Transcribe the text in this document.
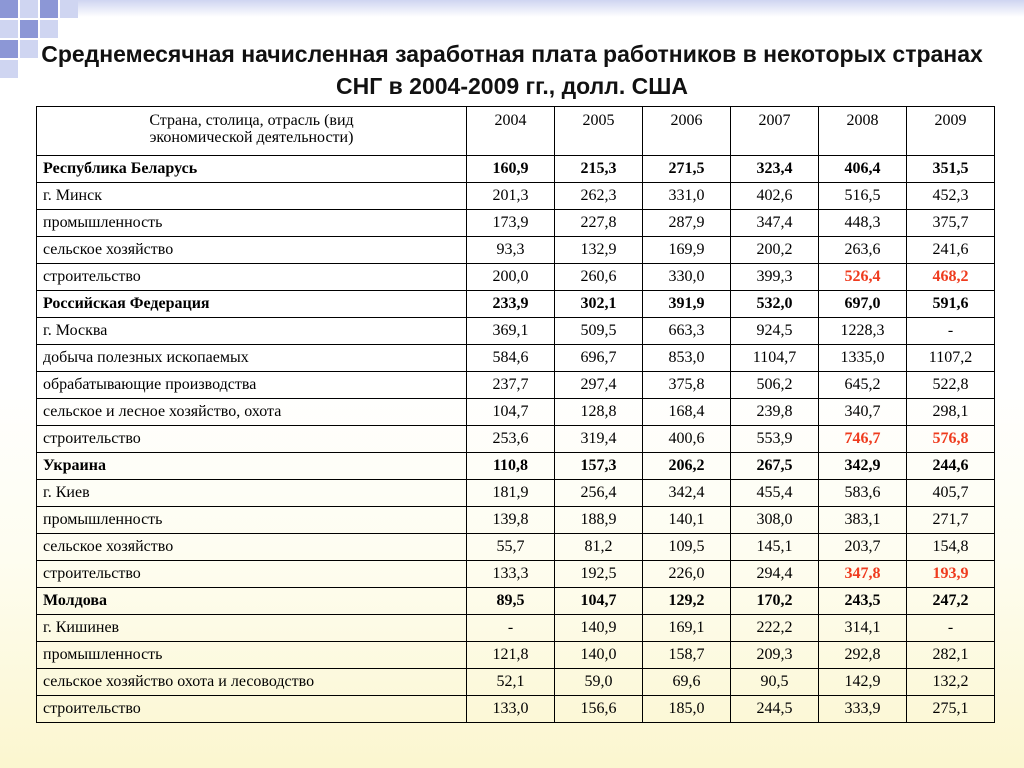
Среднемесячная начисленная заработная плата работников в некоторых странах СНГ в 2004-2009 гг., долл. США
Страна, столица, отрасль (вид экономической деятельности)	2004	2005	2006	2007	2008	2009
Республика Беларусь	160,9	215,3	271,5	323,4	406,4	351,5
г. Минск	201,3	262,3	331,0	402,6	516,5	452,3
промышленность	173,9	227,8	287,9	347,4	448,3	375,7
сельское хозяйство	93,3	132,9	169,9	200,2	263,6	241,6
строительство	200,0	260,6	330,0	399,3	526,4	468,2
Российская Федерация	233,9	302,1	391,9	532,0	697,0	591,6
г. Москва	369,1	509,5	663,3	924,5	1228,3	-
добыча полезных ископаемых	584,6	696,7	853,0	1104,7	1335,0	1107,2
обрабатывающие производства	237,7	297,4	375,8	506,2	645,2	522,8
сельское и лесное хозяйство, охота	104,7	128,8	168,4	239,8	340,7	298,1
строительство	253,6	319,4	400,6	553,9	746,7	576,8
Украина	110,8	157,3	206,2	267,5	342,9	244,6
г. Киев	181,9	256,4	342,4	455,4	583,6	405,7
промышленность	139,8	188,9	140,1	308,0	383,1	271,7
сельское хозяйство	55,7	81,2	109,5	145,1	203,7	154,8
строительство	133,3	192,5	226,0	294,4	347,8	193,9
Молдова	89,5	104,7	129,2	170,2	243,5	247,2
г. Кишинев	-	140,9	169,1	222,2	314,1	-
промышленность	121,8	140,0	158,7	209,3	292,8	282,1
сельское хозяйство охота и лесоводство	52,1	59,0	69,6	90,5	142,9	132,2
строительство	133,0	156,6	185,0	244,5	333,9	275,1
